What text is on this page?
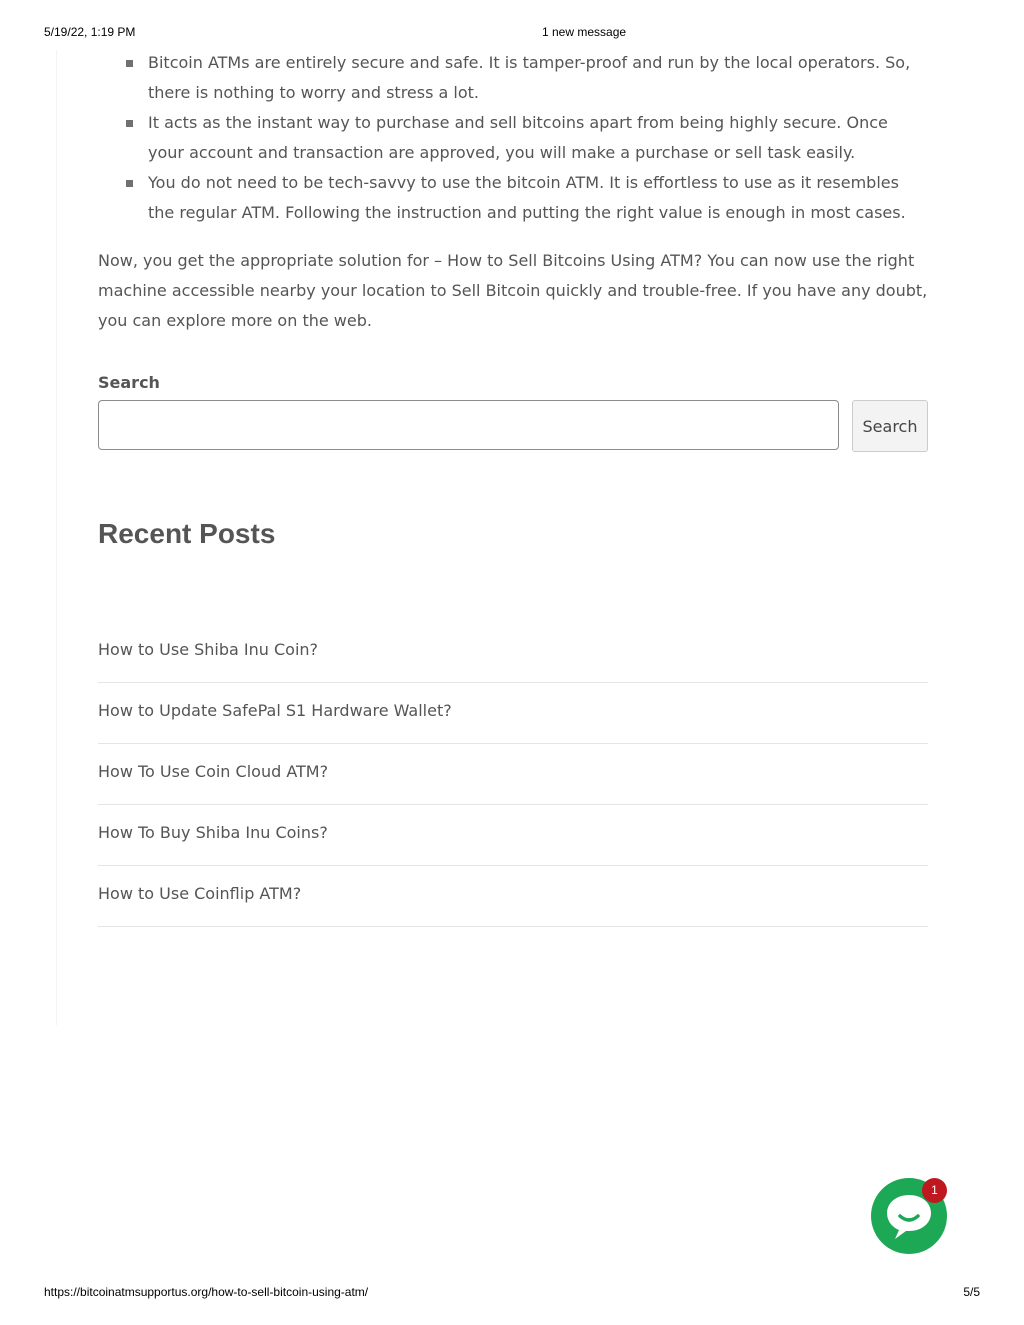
5/19/22, 1:19 PM	1 new message
Bitcoin ATMs are entirely secure and safe. It is tamper-proof and run by the local operators. So, there is nothing to worry and stress a lot.
It acts as the instant way to purchase and sell bitcoins apart from being highly secure. Once your account and transaction are approved, you will make a purchase or sell task easily.
You do not need to be tech-savvy to use the bitcoin ATM. It is effortless to use as it resembles the regular ATM. Following the instruction and putting the right value is enough in most cases.

Now, you get the appropriate solution for – How to Sell Bitcoins Using ATM? You can now use the right machine accessible nearby your location to Sell Bitcoin quickly and trouble-free. If you have any doubt, you can explore more on the web.

Search
Search
Recent Posts
How to Use Shiba Inu Coin?
How to Update SafePal S1 Hardware Wallet?
How To Use Coin Cloud ATM?
How To Buy Shiba Inu Coins?
How to Use Coinflip ATM?
1
https://bitcoinatmsupportus.org/how-to-sell-bitcoin-using-atm/	5/5
